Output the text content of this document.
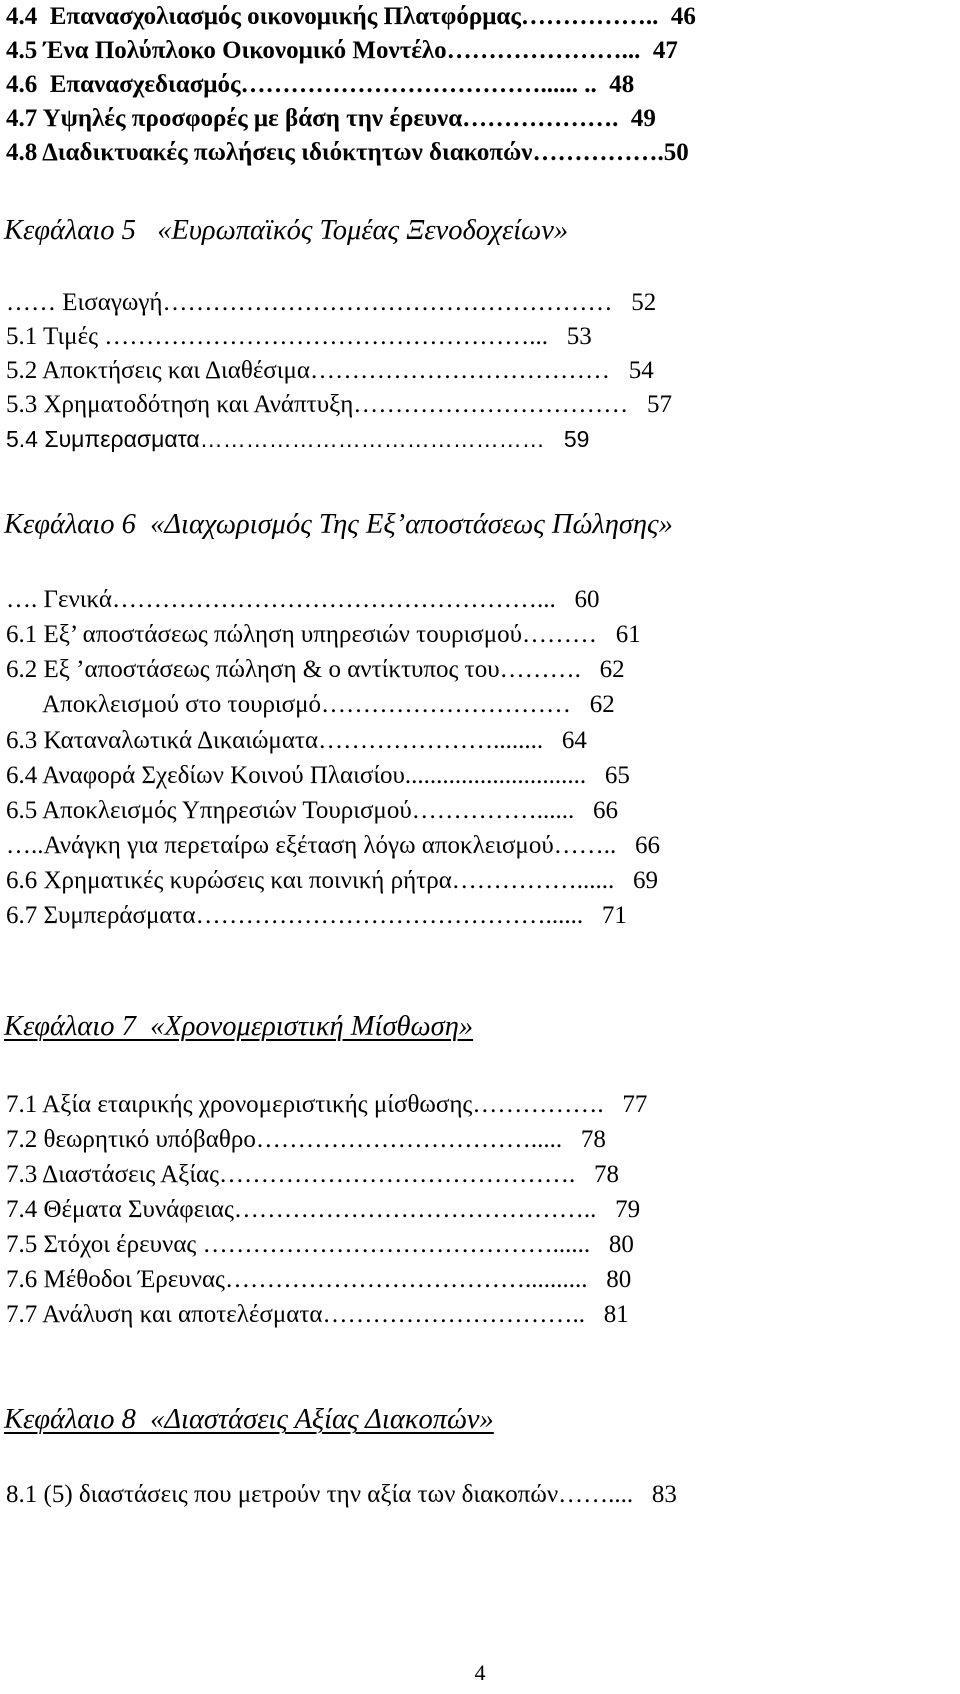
4.4  Επανασχολιασμός οικονομικής Πλατφόρμας……………..  46
4.5 Ένα Πολύπλοκο Οικονομικό Μοντέλο…………………...  47
4.6  Επανασχεδιασμός………………………………...... ..  48
4.7 Υψηλές προσφορές με βάση την έρευνα……………….  49
4.8 Διαδικτυακές πωλήσεις ιδιόκτητων διακοπών…………….50
Κεφάλαιο 5   «Ευρωπαϊκός Τομέας Ξενοδοχείων»
…… Εισαγωγή………………………………………………   52
5.1 Τιμές ……………………………………………...   53
5.2 Αποκτήσεις και Διαθέσιμα………………………………   54
5.3 Χρηματοδότηση και Ανάπτυξη……………………………   57
5.4 Συμπερασματα………………………………………   59
Κεφάλαιο 6  «Διαχωρισμός Της Εξ’αποστάσεως Πώλησης»
…. Γενικά……………………………………………...   60
6.1 Εξ’ αποστάσεως πώληση υπηρεσιών τουρισμού………   61
6.2 Εξ ’αποστάσεως πώληση & ο αντίκτυπος του……….   62
Αποκλεισμού στο τουρισμό…………………………   62
6.3 Καταναλωτικά Δικαιώματα…………………........   64
6.4 Αναφορά Σχεδίων Κοινού Πλαισίου.............................   65
6.5 Αποκλεισμός Υπηρεσιών Τουρισμού……………......   66
…..Ανάγκη για περεταίρω εξέταση λόγω αποκλεισμού……..   66
6.6 Χρηματικές κυρώσεις και ποινική ρήτρα……………......   69
6.7 Συμπεράσματα……………………………………......   71
Κεφάλαιο 7  «Χρονομεριστική Μίσθωση»
7.1 Αξία εταιρικής χρονομεριστικής μίσθωσης…………….   77
7.2 θεωρητικό υπόβαθρο…………………………….....   78
7.3 Διαστάσεις Αξίας…………………………………….   78
7.4 Θέματα Συνάφειας……………………………………..   79
7.5 Στόχοι έρευνας ……………………………………......   80
7.6 Μέθοδοι Έρευνας………………………………..........   80
7.7 Ανάλυση και αποτελέσματα…………………………..   81
Κεφάλαιο 8  «Διαστάσεις Αξίας Διακοπών»
8.1 (5) διαστάσεις που μετρούν την αξία των διακοπών……....   83
4
